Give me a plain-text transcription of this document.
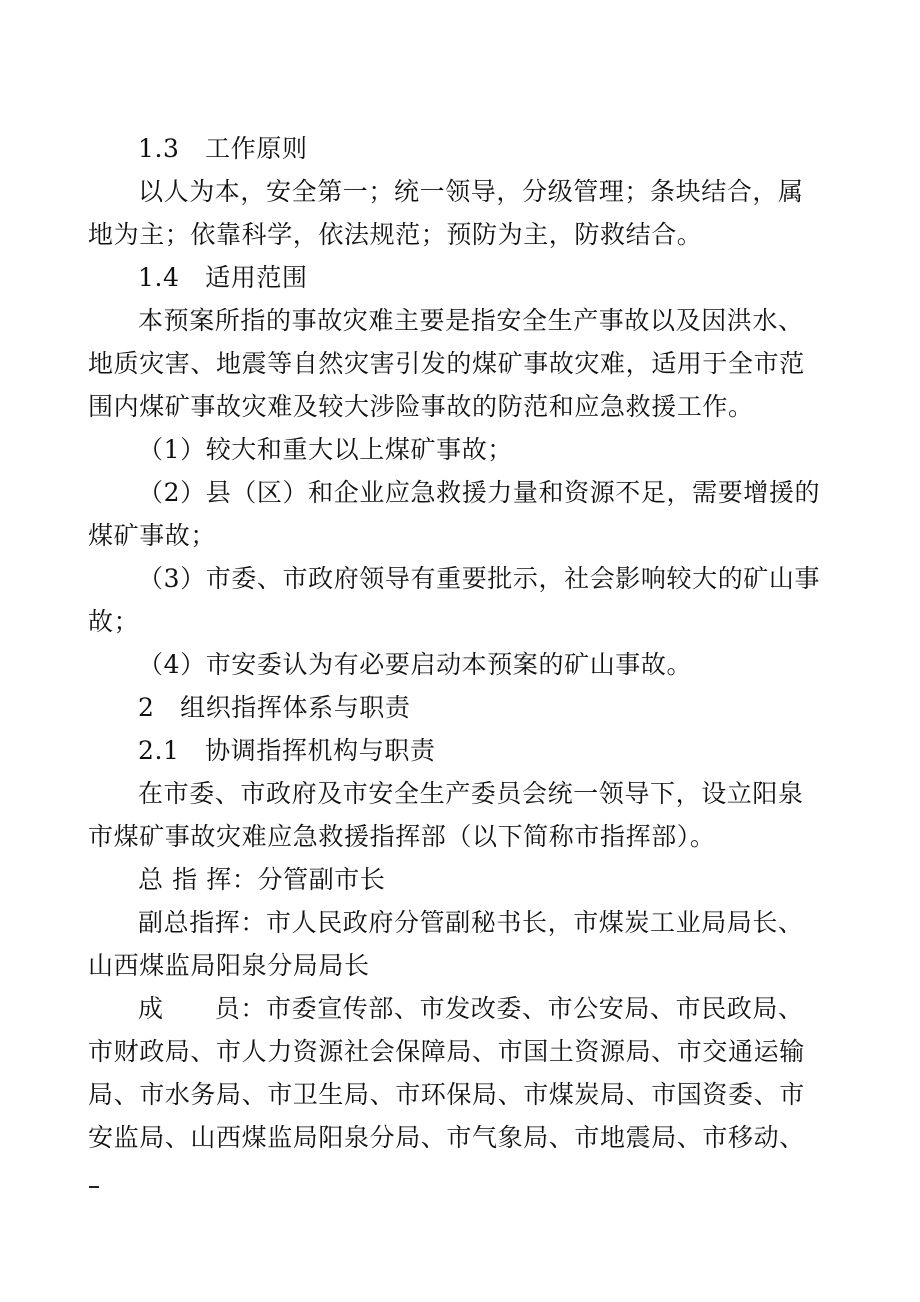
1.3　工作原则
以人为本，安全第一；统一领导，分级管理；条块结合，属
地为主；依靠科学，依法规范；预防为主，防救结合。
1.4　适用范围
本预案所指的事故灾难主要是指安全生产事故以及因洪水、
地质灾害、地震等自然灾害引发的煤矿事故灾难，适用于全市范
围内煤矿事故灾难及较大涉险事故的防范和应急救援工作。
（1）较大和重大以上煤矿事故；
（2）县（区）和企业应急救援力量和资源不足，需要增援的
煤矿事故；
（3）市委、市政府领导有重要批示，社会影响较大的矿山事
故；
（4）市安委认为有必要启动本预案的矿山事故。
2　组织指挥体系与职责
2.1　协调指挥机构与职责
在市委、市政府及市安全生产委员会统一领导下，设立阳泉
市煤矿事故灾难应急救援指挥部（以下简称市指挥部）。
总 指 挥：分管副市长
副总指挥：市人民政府分管副秘书长，市煤炭工业局局长、
山西煤监局阳泉分局局长
成　　员：市委宣传部、市发改委、市公安局、市民政局、
市财政局、市人力资源社会保障局、市国土资源局、市交通运输
局、市水务局、市卫生局、市环保局、市煤炭局、市国资委、市
安监局、山西煤监局阳泉分局、市气象局、市地震局、市移动、
